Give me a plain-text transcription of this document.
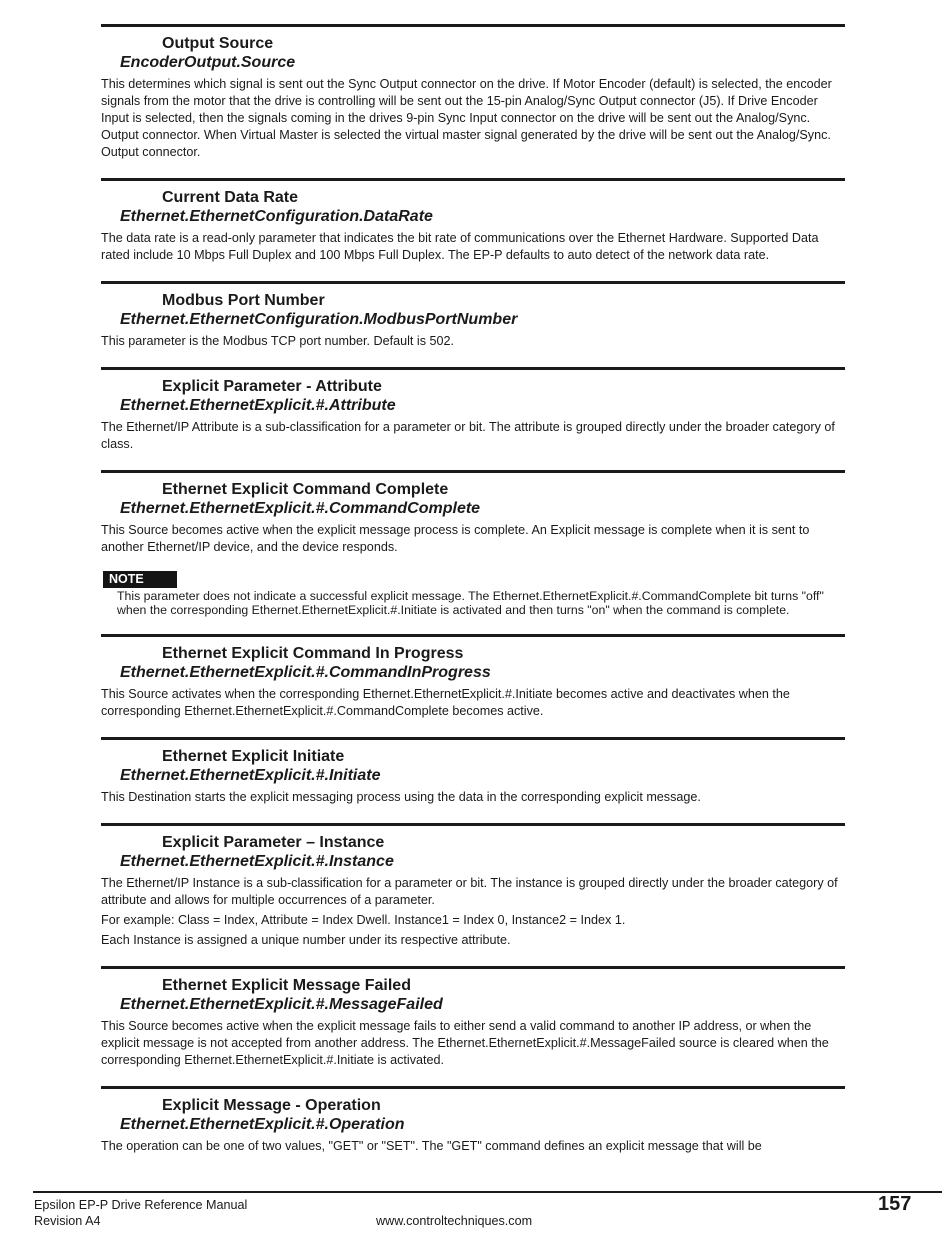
Output Source
EncoderOutput.Source
This determines which signal is sent out the Sync Output connector on the drive. If Motor Encoder (default) is selected, the encoder signals from the motor that the drive is controlling will be sent out the 15-pin Analog/Sync Output connector (J5). If Drive Encoder Input is selected, then the signals coming in the drives 9-pin Sync Input connector on the drive will be sent out the Analog/Sync. Output connector. When Virtual Master is selected the virtual master signal generated by the drive will be sent out the Analog/Sync. Output connector.
Current Data Rate
Ethernet.EthernetConfiguration.DataRate
The data rate is a read-only parameter that indicates the bit rate of communications over the Ethernet Hardware. Supported Data rated include 10 Mbps Full Duplex and 100 Mbps Full Duplex. The EP-P defaults to auto detect of the network data rate.
Modbus Port Number
Ethernet.EthernetConfiguration.ModbusPortNumber
This parameter is the Modbus TCP port number. Default is 502.
Explicit Parameter - Attribute
Ethernet.EthernetExplicit.#.Attribute
The Ethernet/IP Attribute is a sub-classification for a parameter or bit. The attribute is grouped directly under the broader category of class.
Ethernet Explicit Command Complete
Ethernet.EthernetExplicit.#.CommandComplete
This Source becomes active when the explicit message process is complete. An Explicit message is complete when it is sent to another Ethernet/IP device, and the device responds.
NOTE
This parameter does not indicate a successful explicit message. The Ethernet.EthernetExplicit.#.CommandComplete bit turns "off" when the corresponding Ethernet.EthernetExplicit.#.Initiate is activated and then turns "on" when the command is complete.
Ethernet Explicit Command In Progress
Ethernet.EthernetExplicit.#.CommandInProgress
This Source activates when the corresponding Ethernet.EthernetExplicit.#.Initiate becomes active and deactivates when the corresponding Ethernet.EthernetExplicit.#.CommandComplete becomes active.
Ethernet Explicit Initiate
Ethernet.EthernetExplicit.#.Initiate
This Destination starts the explicit messaging process using the data in the corresponding explicit message.
Explicit Parameter – Instance
Ethernet.EthernetExplicit.#.Instance
The Ethernet/IP Instance is a sub-classification for a parameter or bit. The instance is grouped directly under the broader category of attribute and allows for multiple occurrences of a parameter.
For example: Class = Index, Attribute = Index Dwell. Instance1 = Index 0, Instance2 = Index 1.
Each Instance is assigned a unique number under its respective attribute.
Ethernet Explicit Message Failed
Ethernet.EthernetExplicit.#.MessageFailed
This Source becomes active when the explicit message fails to either send a valid command to another IP address, or when the explicit message is not accepted from another address. The Ethernet.EthernetExplicit.#.MessageFailed source is cleared when the corresponding Ethernet.EthernetExplicit.#.Initiate is activated.
Explicit Message - Operation
Ethernet.EthernetExplicit.#.Operation
The operation can be one of two values, "GET" or "SET". The "GET" command defines an explicit message that will be
Epsilon EP-P Drive Reference Manual
Revision A4	www.controltechniques.com
157
